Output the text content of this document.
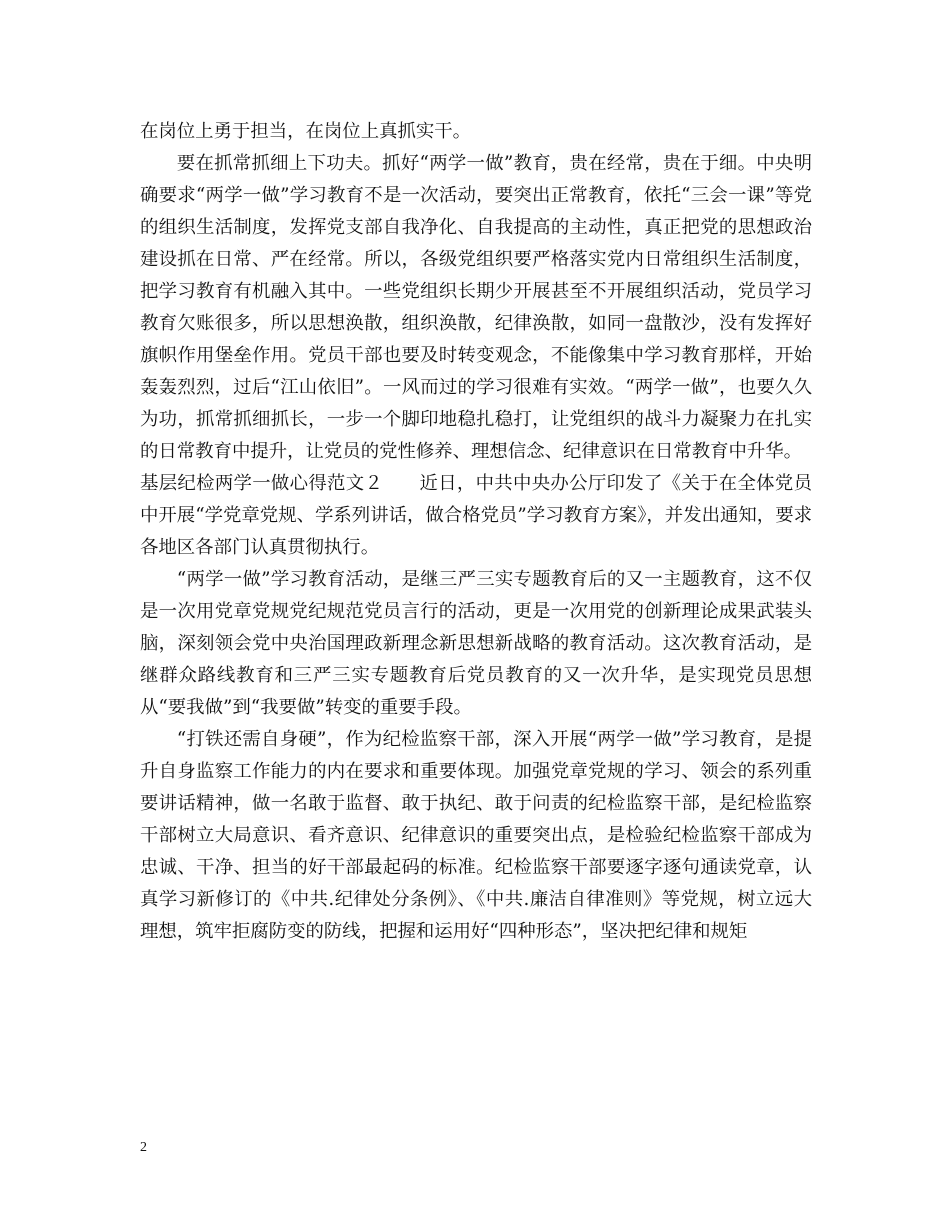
在岗位上勇于担当，在岗位上真抓实干。

要在抓常抓细上下功夫。抓好“两学一做”教育，贵在经常，贵在于细。中央明确要求“两学一做”学习教育不是一次活动，要突出正常教育，依托“三会一课”等党的组织生活制度，发挥党支部自我净化、自我提高的主动性，真正把党的思想政治建设抓在日常、严在经常。所以，各级党组织要严格落实党内日常组织生活制度，把学习教育有机融入其中。一些党组织长期少开展甚至不开展组织活动，党员学习教育欠账很多，所以思想涣散，组织涣散，纪律涣散，如同一盘散沙，没有发挥好旗帜作用堡垒作用。党员干部也要及时转变观念，不能像集中学习教育那样，开始轰轰烈烈，过后“江山依旧”。一风而过的学习很难有实效。“两学一做”，也要久久为功，抓常抓细抓长，一步一个脚印地稳扎稳打，让党组织的战斗力凝聚力在扎实的日常教育中提升，让党员的党性修养、理想信念、纪律意识在日常教育中升华。

基层纪检两学一做心得范文２ 近日，中共中央办公厅印发了《关于在全体党员中开展“学党章党规、学系列讲话，做合格党员”学习教育方案》，并发出通知，要求各地区各部门认真贯彻执行。

“两学一做”学习教育活动，是继三严三实专题教育后的又一主题教育，这不仅是一次用党章党规党纪规范党员言行的活动，更是一次用党的创新理论成果武装头脑，深刻领会党中央治国理政新理念新思想新战略的教育活动。这次教育活动，是继群众路线教育和三严三实专题教育后党员教育的又一次升华，是实现党员思想从“要我做”到“我要做”转变的重要手段。

“打铁还需自身硬”，作为纪检监察干部，深入开展“两学一做”学习教育，是提升自身监察工作能力的内在要求和重要体现。加强党章党规的学习、领会的系列重要讲话精神，做一名敢于监督、敢于执纪、敢于问责的纪检监察干部，是纪检监察干部树立大局意识、看齐意识、纪律意识的重要突出点，是检验纪检监察干部成为忠诚、干净、担当的好干部最起码的标准。纪检监察干部要逐字逐句通读党章，认真学习新修订的《中共.纪律处分条例》、《中共.廉洁自律准则》等党规，树立远大理想，筑牢拒腐防变的防线，把握和运用好“四种形态”，坚决把纪律和规矩

2
